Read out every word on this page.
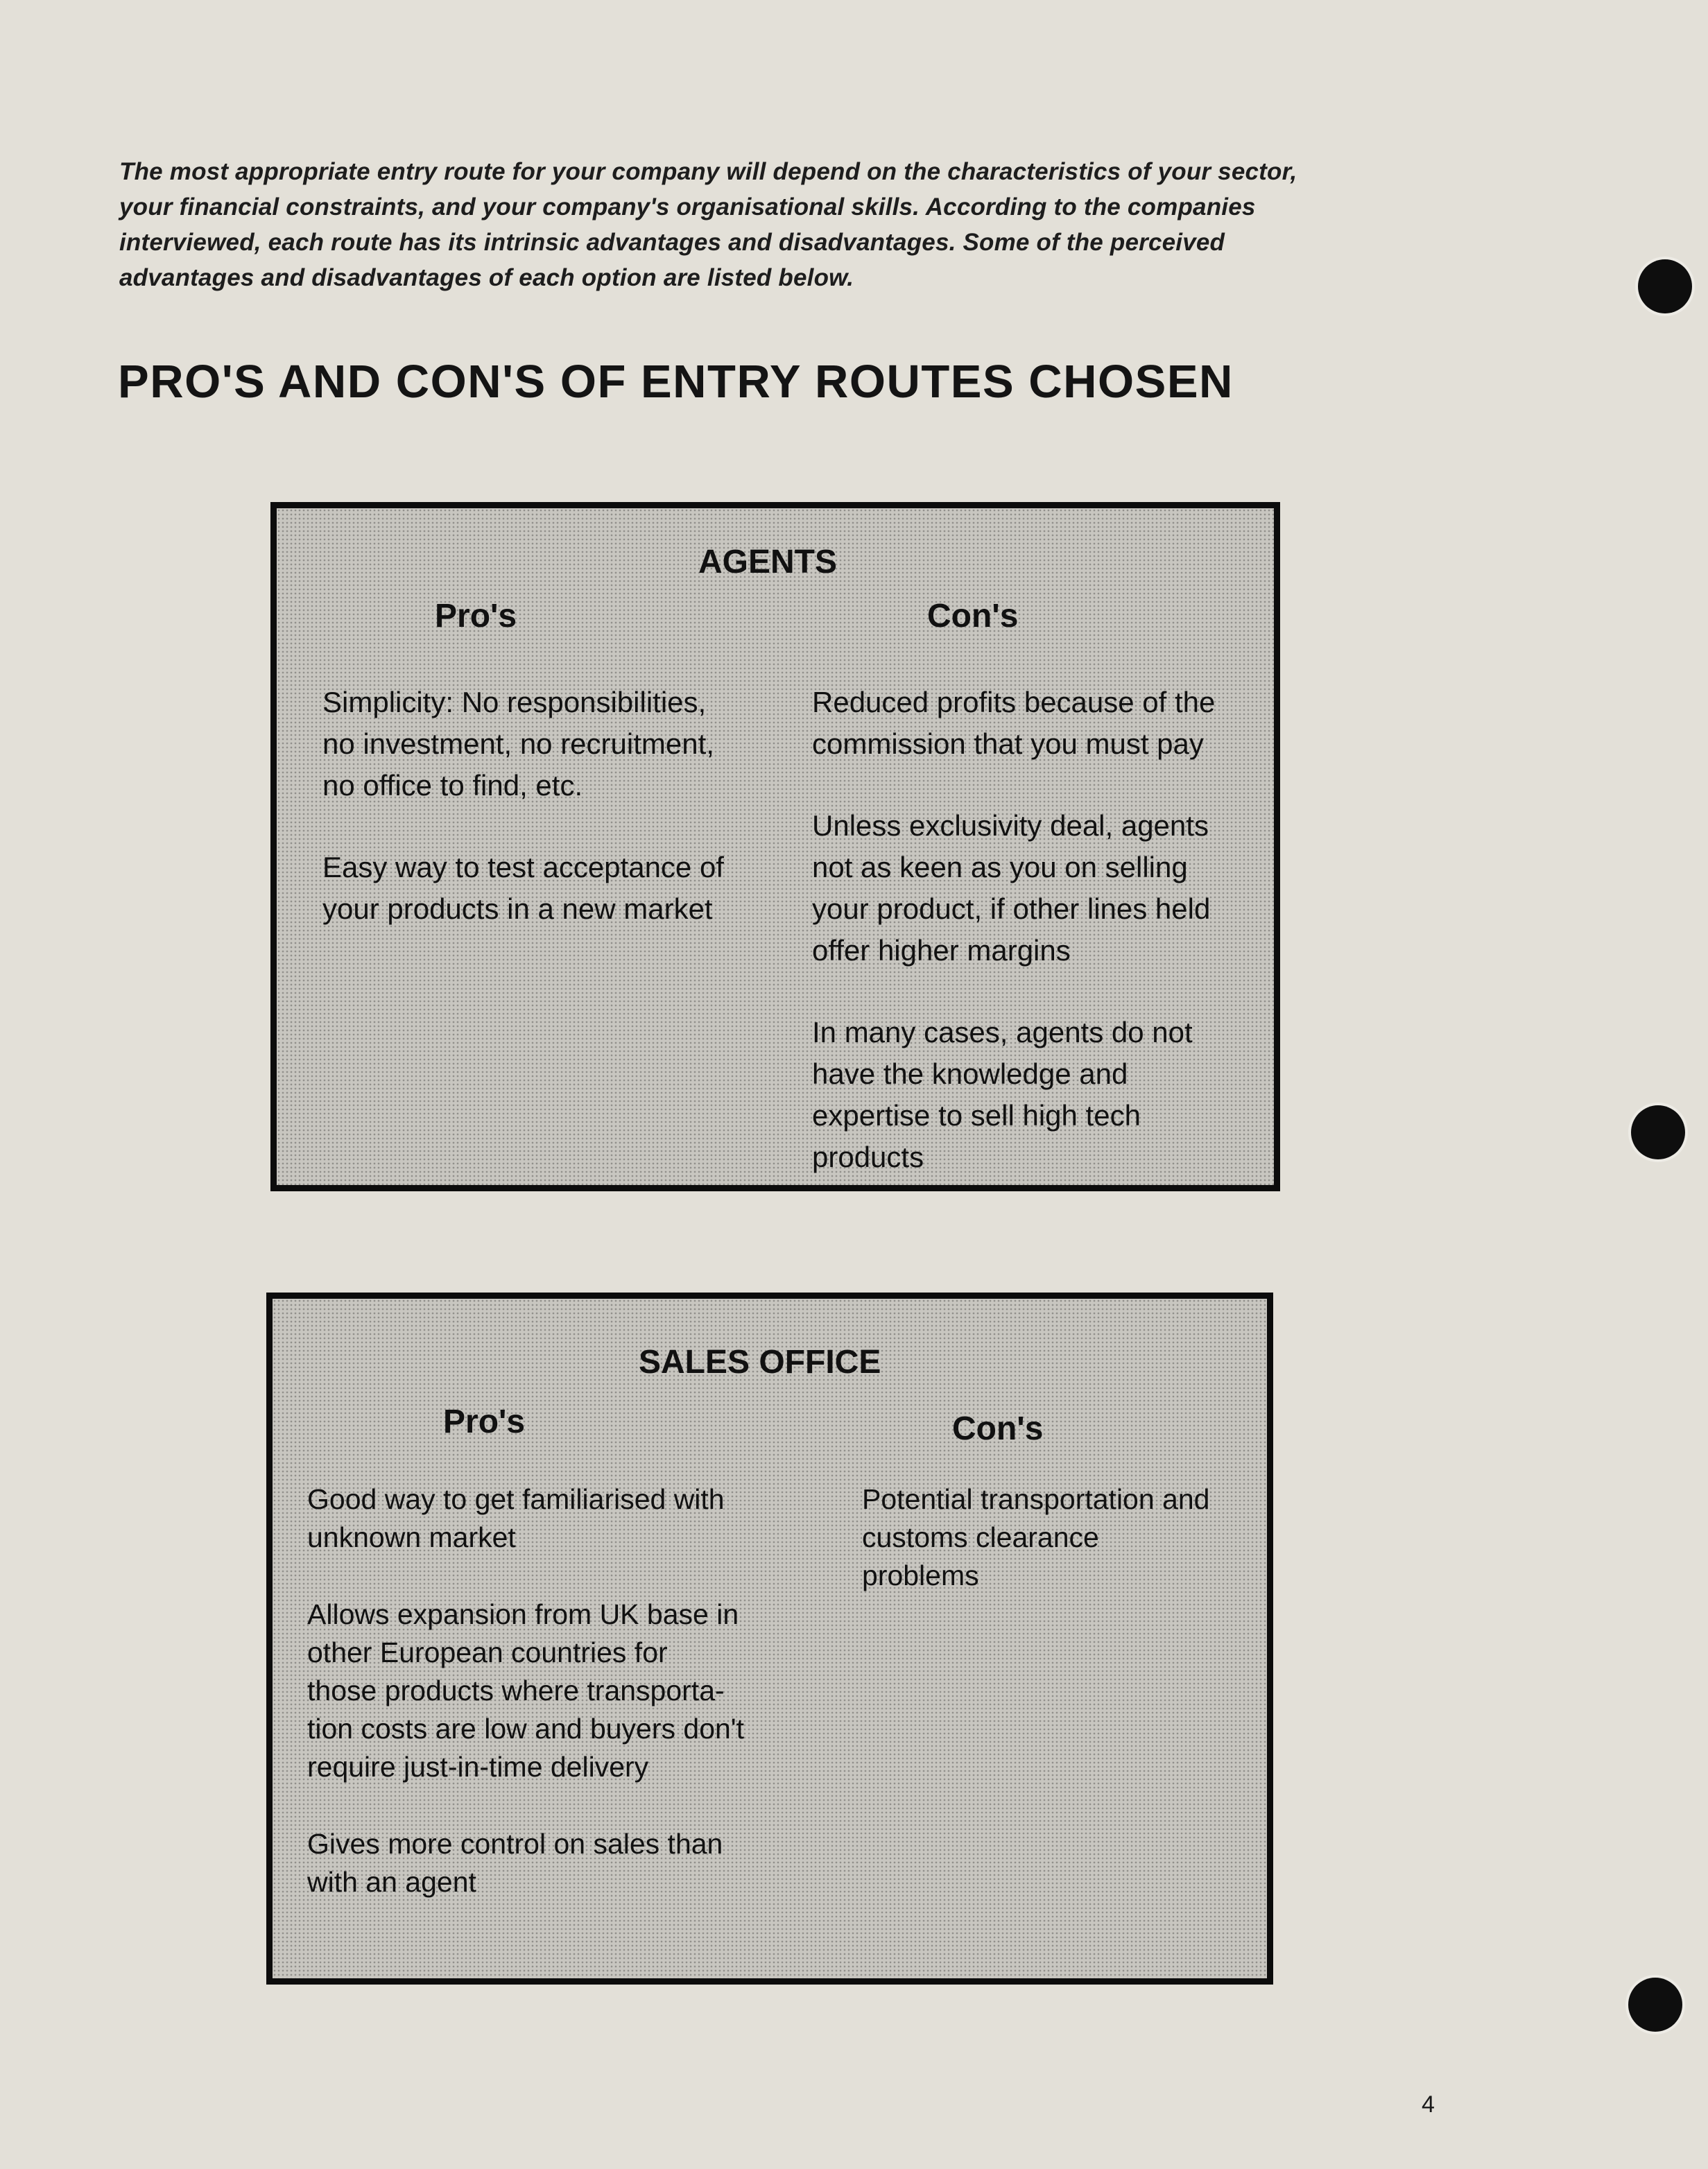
The most appropriate entry route for your company will depend on the characteristics of your sector,
your financial constraints, and your company's organisational skills. According to the companies
interviewed, each route has its intrinsic advantages and disadvantages. Some of the perceived
advantages and disadvantages of each option are listed below.
PRO'S AND CON'S OF ENTRY ROUTES CHOSEN
AGENTS
Pro's	Con's
Simplicity: No responsibilities,
no investment, no recruitment,
no office to find, etc.
Easy way to test acceptance of
your products in a new market
Reduced profits because of the
commission that you must pay
Unless exclusivity deal, agents
not as keen as you on selling
your product, if other lines held
offer higher margins
In many cases, agents do not
have the knowledge and
expertise to sell high tech
products
SALES OFFICE
Pro's	Con's
Good way to get familiarised with
unknown market
Allows expansion from UK base in
other European countries for
those products where transporta-
tion costs are low and buyers don't
require just-in-time delivery
Gives more control on sales than
with an agent
Potential transportation and
customs clearance
problems
4
